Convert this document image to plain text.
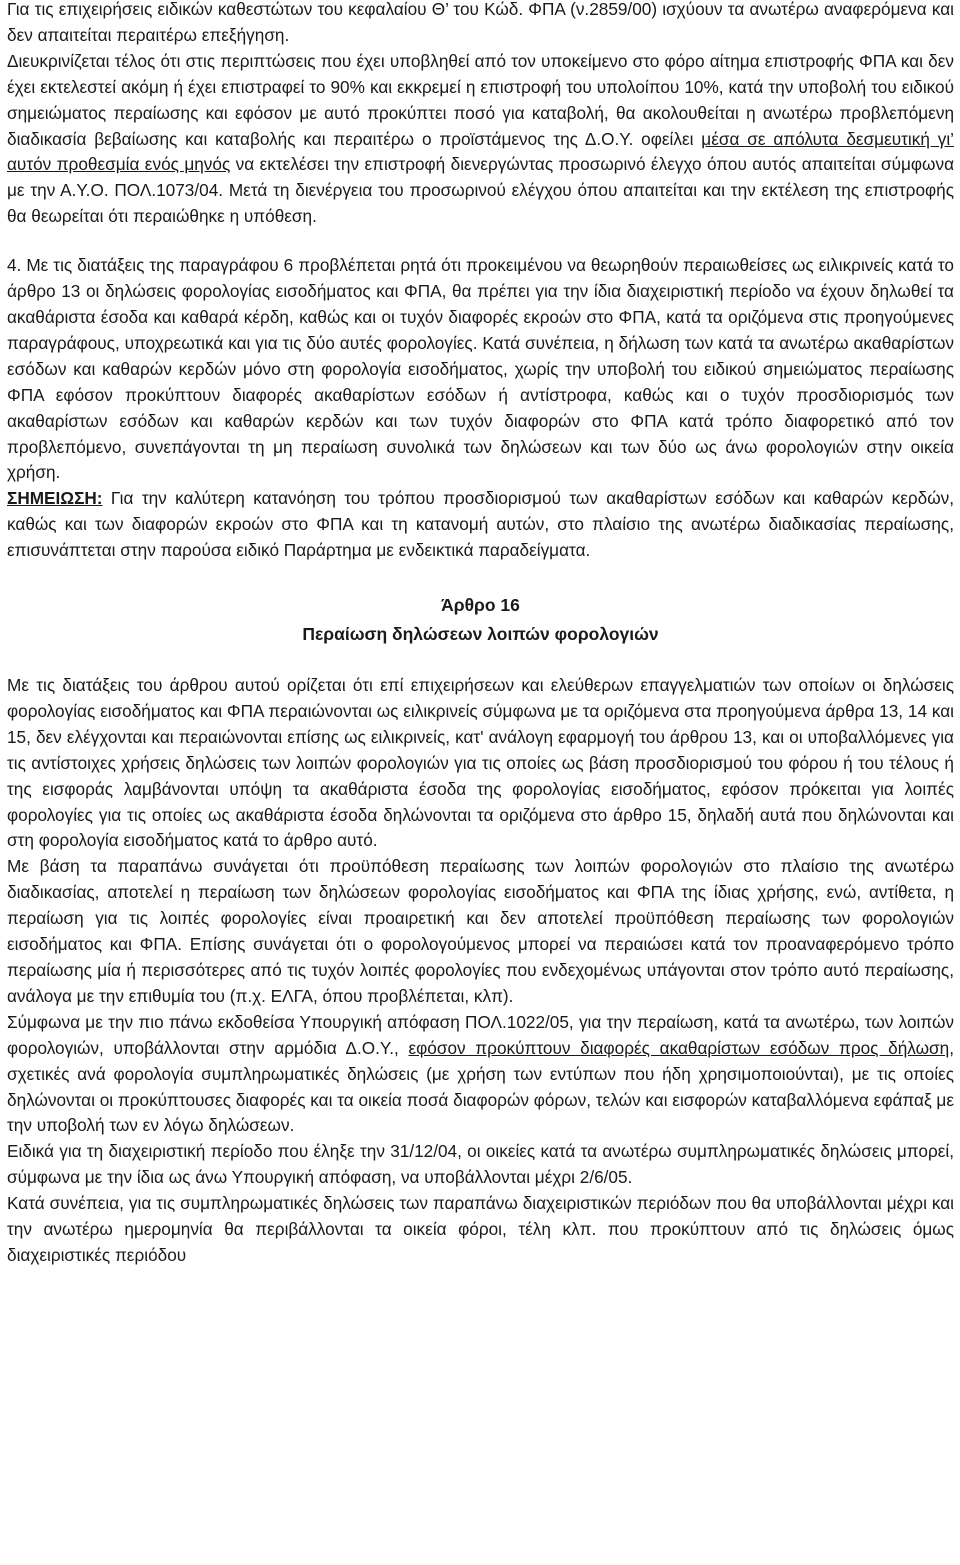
Για τις επιχειρήσεις ειδικών καθεστώτων του κεφαλαίου Θ’ του Κώδ. ΦΠΑ (ν.2859/00) ισχύουν τα ανωτέρω αναφερόμενα και δεν απαιτείται περαιτέρω επεξήγηση.

Διευκρινίζεται τέλος ότι στις περιπτώσεις που έχει υποβληθεί από τον υποκείμενο στο φόρο αίτημα επιστροφής ΦΠΑ και δεν έχει εκτελεστεί ακόμη ή έχει επιστραφεί το 90% και εκκρεμεί η επιστροφή του υπολοίπου 10%, κατά την υποβολή του ειδικού σημειώματος περαίωσης και εφόσον με αυτό προκύπτει ποσό για καταβολή, θα ακολουθείται η ανωτέρω προβλεπόμενη διαδικασία βεβαίωσης και καταβολής και περαιτέρω ο προϊστάμενος της Δ.Ο.Υ. οφείλει μέσα σε απόλυτα δεσμευτική γι’ αυτόν προθεσμία ενός μηνός να εκτελέσει την επιστροφή διενεργώντας προσωρινό έλεγχο όπου αυτός απαιτείται σύμφωνα με την Α.Υ.Ο. ΠΟΛ.1073/04. Μετά τη διενέργεια του προσωρινού ελέγχου όπου απαιτείται και την εκτέλεση της επιστροφής θα θεωρείται ότι περαιώθηκε η υπόθεση.

4. Με τις διατάξεις της παραγράφου 6 προβλέπεται ρητά ότι προκειμένου να θεωρηθούν περαιωθείσες ως ειλικρινείς κατά το άρθρο 13 οι δηλώσεις φορολογίας εισοδήματος και ΦΠΑ, θα πρέπει για την ίδια διαχειριστική περίοδο να έχουν δηλωθεί τα ακαθάριστα έσοδα και καθαρά κέρδη, καθώς και οι τυχόν διαφορές εκροών στο ΦΠΑ, κατά τα οριζόμενα στις προηγούμενες παραγράφους, υποχρεωτικά και για τις δύο αυτές φορολογίες. Κατά συνέπεια, η δήλωση των κατά τα ανωτέρω ακαθαρίστων εσόδων και καθαρών κερδών μόνο στη φορολογία εισοδήματος, χωρίς την υποβολή του ειδικού σημειώματος περαίωσης ΦΠΑ εφόσον προκύπτουν διαφορές ακαθαρίστων εσόδων ή αντίστροφα, καθώς και ο τυχόν προσδιορισμός των ακαθαρίστων εσόδων και καθαρών κερδών και των τυχόν διαφορών στο ΦΠΑ κατά τρόπο διαφορετικό από τον προβλεπόμενο, συνεπάγονται τη μη περαίωση συνολικά των δηλώσεων και των δύο ως άνω φορολογιών στην οικεία χρήση.

ΣΗΜΕΙΩΣΗ: Για την καλύτερη κατανόηση του τρόπου προσδιορισμού των ακαθαρίστων εσόδων και καθαρών κερδών, καθώς και των διαφορών εκροών στο ΦΠΑ και τη κατανομή αυτών, στο πλαίσιο της ανωτέρω διαδικασίας περαίωσης, επισυνάπτεται στην παρούσα ειδικό Παράρτημα με ενδεικτικά παραδείγματα.

Άρθρο 16

Περαίωση δηλώσεων λοιπών φορολογιών

Με τις διατάξεις του άρθρου αυτού ορίζεται ότι επί επιχειρήσεων και ελεύθερων επαγγελματιών των οποίων οι δηλώσεις φορολογίας εισοδήματος και ΦΠΑ περαιώνονται ως ειλικρινείς σύμφωνα με τα οριζόμενα στα προηγούμενα άρθρα 13, 14 και 15, δεν ελέγχονται και περαιώνονται επίσης ως ειλικρινείς, κατ' ανάλογη εφαρμογή του άρθρου 13, και οι υποβαλλόμενες για τις αντίστοιχες χρήσεις δηλώσεις των λοιπών φορολογιών για τις οποίες ως βάση προσδιορισμού του φόρου ή του τέλους ή της εισφοράς λαμβάνονται υπόψη τα ακαθάριστα έσοδα της φορολογίας εισοδήματος, εφόσον πρόκειται για λοιπές φορολογίες για τις οποίες ως ακαθάριστα έσοδα δηλώνονται τα οριζόμενα στο άρθρο 15, δηλαδή αυτά που δηλώνονται και στη φορολογία εισοδήματος κατά το άρθρο αυτό.

Με βάση τα παραπάνω συνάγεται ότι προϋπόθεση περαίωσης των λοιπών φορολογιών στο πλαίσιο της ανωτέρω διαδικασίας, αποτελεί η περαίωση των δηλώσεων φορολογίας εισοδήματος και ΦΠΑ της ίδιας χρήσης, ενώ, αντίθετα, η περαίωση για τις λοιπές φορολογίες είναι προαιρετική και δεν αποτελεί προϋπόθεση περαίωσης των φορολογιών εισοδήματος και ΦΠΑ. Επίσης συνάγεται ότι ο φορολογούμενος μπορεί να περαιώσει κατά τον προαναφερόμενο τρόπο περαίωσης μία ή περισσότερες από τις τυχόν λοιπές φορολογίες που ενδεχομένως υπάγονται στον τρόπο αυτό περαίωσης, ανάλογα με την επιθυμία του (π.χ. ΕΛΓΑ, όπου προβλέπεται, κλπ).

Σύμφωνα με την πιο πάνω εκδοθείσα Υπουργική απόφαση ΠΟΛ.1022/05, για την περαίωση, κατά τα ανωτέρω, των λοιπών φορολογιών, υποβάλλονται στην αρμόδια Δ.Ο.Υ., εφόσον προκύπτουν διαφορές ακαθαρίστων εσόδων προς δήλωση, σχετικές ανά φορολογία συμπληρωματικές δηλώσεις (με χρήση των εντύπων που ήδη χρησιμοποιούνται), με τις οποίες δηλώνονται οι προκύπτουσες διαφορές και τα οικεία ποσά διαφορών φόρων, τελών και εισφορών καταβαλλόμενα εφάπαξ με την υποβολή των εν λόγω δηλώσεων.

Ειδικά για τη διαχειριστική περίοδο που έληξε την 31/12/04, οι οικείες κατά τα ανωτέρω συμπληρωματικές δηλώσεις μπορεί, σύμφωνα με την ίδια ως άνω Υπουργική απόφαση, να υποβάλλονται μέχρι 2/6/05.

Κατά συνέπεια, για τις συμπληρωματικές δηλώσεις των παραπάνω διαχειριστικών περιόδων που θα υποβάλλονται μέχρι και την ανωτέρω ημερομηνία θα περιβάλλονται τα οικεία φόροι, τέλη κλπ. που προκύπτουν από τις δηλώσεις όμως διαχειριστικές περιόδου
